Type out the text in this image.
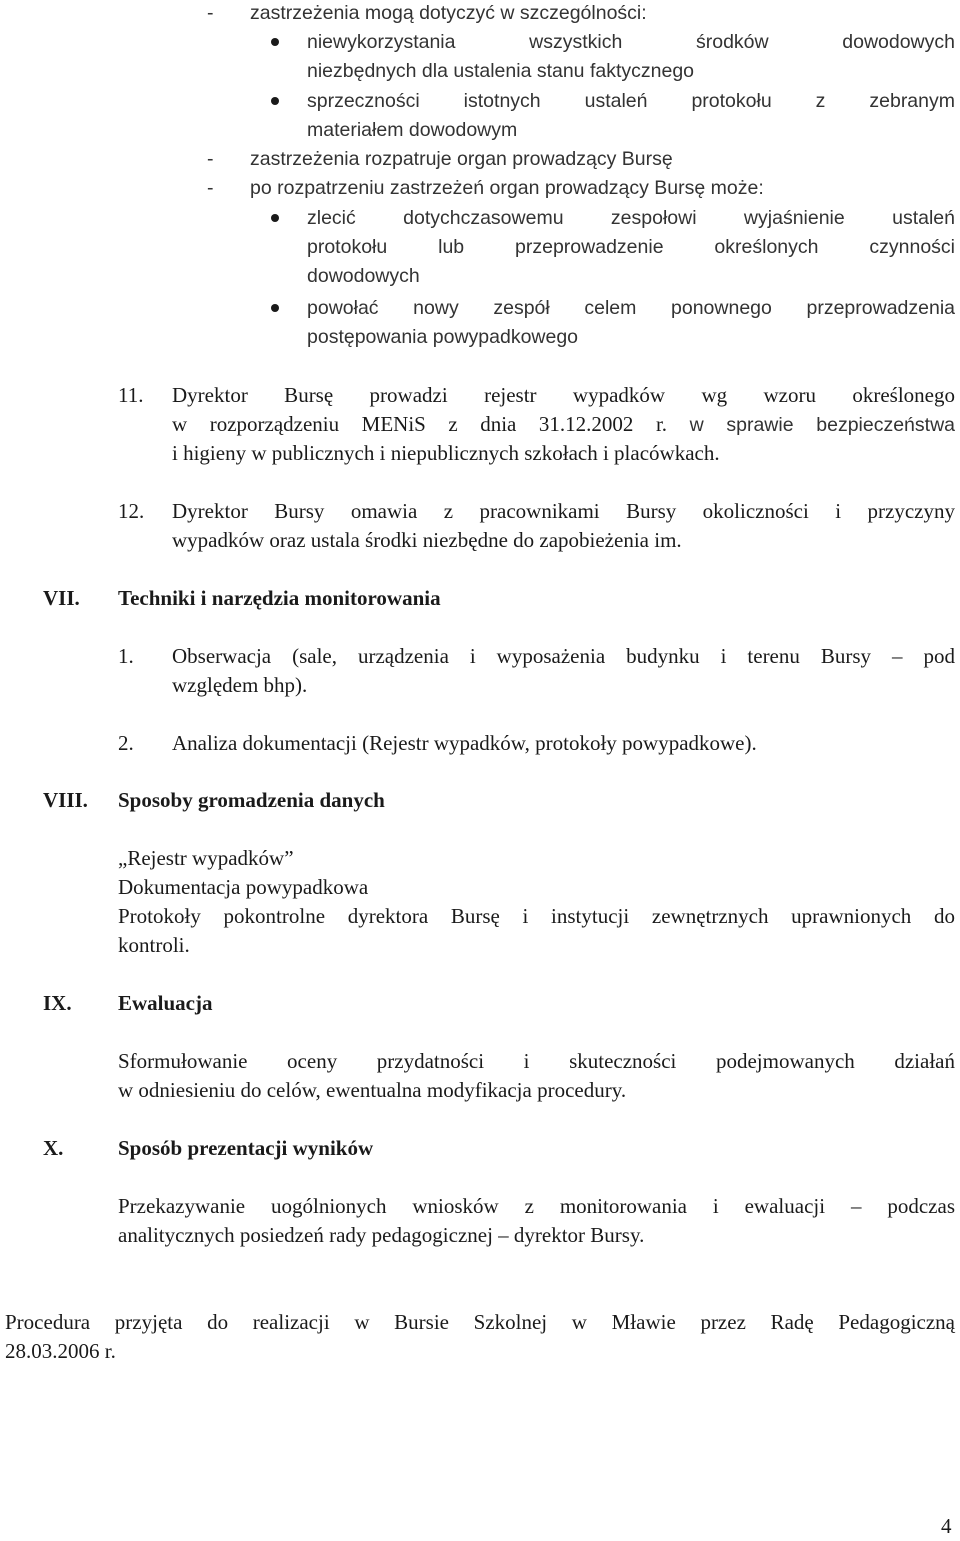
- zastrzeżenia mogą dotyczyć w szczególności:
niewykorzystania wszystkich środków dowodowych
niezbędnych dla ustalenia stanu faktycznego
sprzeczności istotnych ustaleń protokołu z zebranym
materiałem dowodowym
- zastrzeżenia rozpatruje organ prowadzący Bursę
- po rozpatrzeniu zastrzeżeń organ prowadzący Bursę może:
zlecić dotychczasowemu zespołowi wyjaśnienie ustaleń
protokołu lub przeprowadzenie określonych czynności
dowodowych
powołać nowy zespół celem ponownego przeprowadzenia
postępowania powypadkowego
11. Dyrektor Bursę prowadzi rejestr wypadków wg wzoru określonego
w rozporządzeniu MENiS z dnia 31.12.2002 r. w sprawie bezpieczeństwa
i higieny w publicznych i niepublicznych szkołach i placówkach.
12. Dyrektor Bursy omawia z pracownikami Bursy okoliczności i przyczyny
wypadków oraz ustala środki niezbędne do zapobieżenia im.
VII. Techniki i narzędzia monitorowania
1. Obserwacja (sale, urządzenia i wyposażenia budynku i terenu Bursy – pod
względem bhp).
2. Analiza dokumentacji (Rejestr wypadków, protokoły powypadkowe).
VIII. Sposoby gromadzenia danych
„Rejestr wypadków”
Dokumentacja powypadkowa
Protokoły pokontrolne dyrektora Bursę i instytucji zewnętrznych uprawnionych do
kontroli.
IX. Ewaluacja
Sformułowanie oceny przydatności i skuteczności podejmowanych działań
w odniesieniu do celów, ewentualna modyfikacja procedury.
X.	Sposób prezentacji wyników
Przekazywanie uogólnionych wniosków z monitorowania i ewaluacji – podczas
analitycznych posiedzeń rady pedagogicznej – dyrektor Bursy.
Procedura przyjęta do realizacji w Bursie Szkolnej w Mławie przez Radę Pedagogiczną
28.03.2006 r.
4
